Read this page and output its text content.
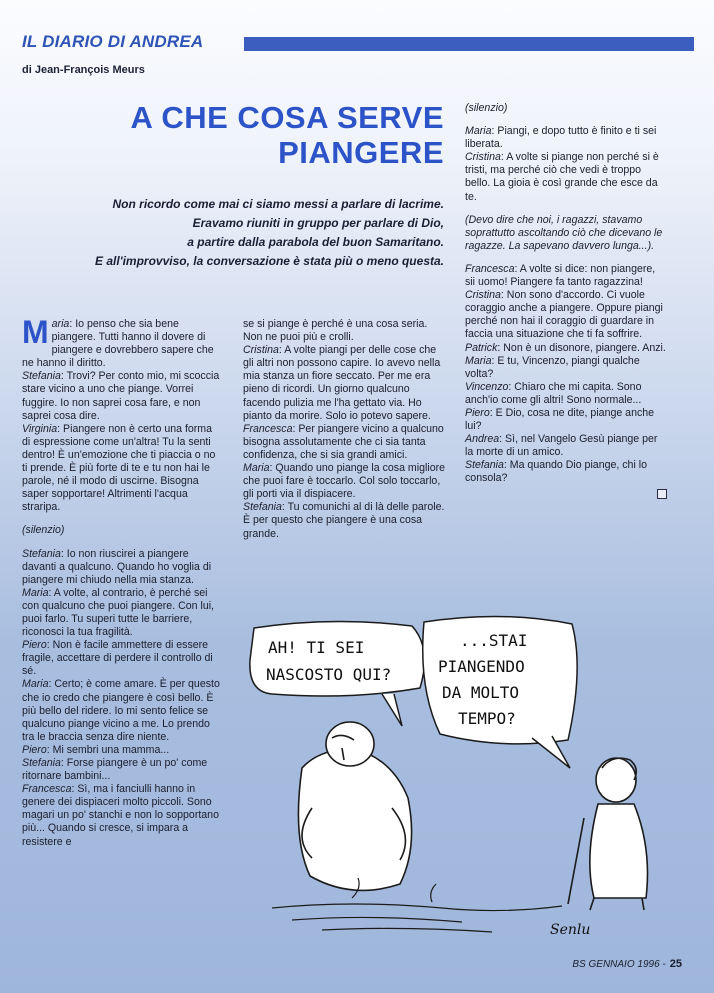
IL DIARIO DI ANDREA
di Jean-François Meurs
A CHE COSA SERVE
PIANGERE
Non ricordo come mai ci siamo messi a parlare di lacrime.
Eravamo riuniti in gruppo per parlare di Dio,
a partire dalla parabola del buon Samaritano.
E all'improvviso, la conversazione è stata più o meno questa.

Maria: Io penso che sia bene piangere. Tutti hanno il dovere di piangere e dovrebbero sapere che ne hanno il diritto.

Stefania: Trovi? Per conto mio, mi scoccia stare vicino a uno che piange. Vorrei fuggire. Io non saprei cosa fare, e non saprei cosa dire.

Virginia: Piangere non è certo una forma di espressione come un'altra! Tu la senti dentro! È un'emozione che ti piaccia o no ti prende. È più forte di te e tu non hai le parole, né il modo di uscirne. Bisogna saper sopportare! Altrimenti l'acqua straripa.

(silenzio)

Stefania: Io non riuscirei a piangere davanti a qualcuno. Quando ho voglia di piangere mi chiudo nella mia stanza.

Maria: A volte, al contrario, è perché sei con qualcuno che puoi piangere. Con lui, puoi farlo. Tu superi tutte le barriere, riconosci la tua fragilità.

Piero: Non è facile ammettere di essere fragile, accettare di perdere il controllo di sé.

Maria: Certo; è come amare. È per questo che io credo che piangere è così bello. È più bello del ridere. Io mi sento felice se qualcuno piange vicino a me. Lo prendo tra le braccia senza dire niente.

Piero: Mi sembri una mamma...

Stefania: Forse piangere è un po' come ritornare bambini...

Francesca: Sì, ma i fanciulli hanno in genere dei dispiaceri molto piccoli. Sono magari un po' stanchi e non lo sopportano più... Quando si cresce, si impara a resistere e

se si piange è perché è una cosa seria. Non ne puoi più e crolli.

Cristina: A volte piangi per delle cose che gli altri non possono capire. Io avevo nella mia stanza un fiore seccato. Per me era pieno di ricordi. Un giorno qualcuno facendo pulizia me l'ha gettato via. Ho pianto da morire. Solo io potevo sapere.

Francesca: Per piangere vicino a qualcuno bisogna assolutamente che ci sia tanta confidenza, che si sia grandi amici.

Maria: Quando uno piange la cosa migliore che puoi fare è toccarlo. Col solo toccarlo, gli porti via il dispiacere.

Stefania: Tu comunichi al di là delle parole. È per questo che piangere è una cosa grande.

(silenzio)

Maria: Piangi, e dopo tutto è finito e ti sei liberata.

Cristina: A volte si piange non perché si è tristi, ma perché ciò che vedi è troppo bello. La gioia è così grande che esce da te.

(Devo dire che noi, i ragazzi, stavamo soprattutto ascoltando ciò che dicevano le ragazze. La sapevano davvero lunga...).

Francesca: A volte si dice: non piangere, sii uomo! Piangere fa tanto ragazzina!

Cristina: Non sono d'accordo. Ci vuole coraggio anche a piangere. Oppure piangi perché non hai il coraggio di guardare in faccia una situazione che ti fa soffrire.

Patrick: Non è un disonore, piangere. Anzi.

Maria: E tu, Vincenzo, piangi qualche volta?

Vincenzo: Chiaro che mi capita. Sono anch'io come gli altri! Sono normale...

Piero: E Dio, cosa ne dite, piange anche lui?

Andrea: Sì, nel Vangelo Gesù piange per la morte di un amico.

Stefania: Ma quando Dio piange, chi lo consola?

AH! TI SEI
NASCOSTO QUI?
...STAI
PIANGENDO
DA MOLTO
TEMPO?
Senlu
BS GENNAIO 1996 - 25
